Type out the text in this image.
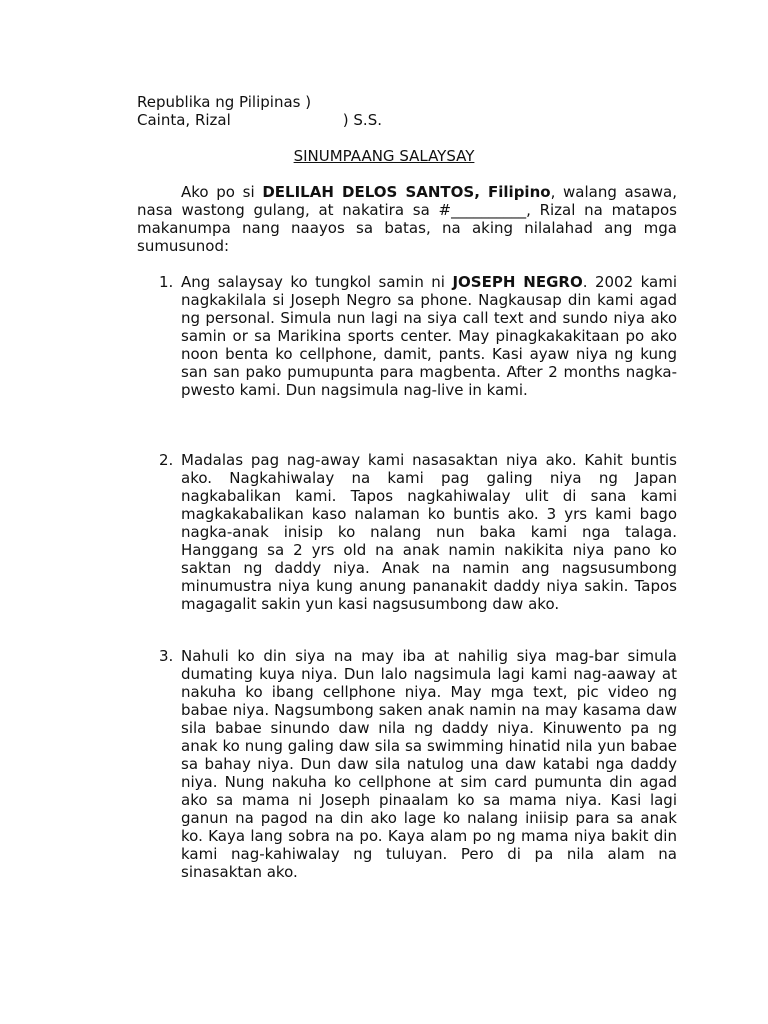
Republika ng Pilipinas )
Cainta, Rizal	) S.S.
SINUMPAANG SALAYSAY

Ako po si DELILAH DELOS SANTOS, Filipino, walang asawa, nasa wastong gulang, at nakatira sa #__________, Rizal na matapos makanumpa nang naayos sa batas, na aking nilalahad ang mga sumusunod:

1. Ang salaysay ko tungkol samin ni JOSEPH NEGRO. 2002 kami nagkakilala si Joseph Negro sa phone. Nagkausap din kami agad ng personal. Simula nun lagi na siya call text and sundo niya ako samin or sa Marikina sports center. May pinagkakakitaan po ako noon benta ko cellphone, damit, pants. Kasi ayaw niya ng kung san san pako pumupunta para magbenta. After 2 months nagka-pwesto kami. Dun nagsimula nag-live in kami.

2. Madalas pag nag-away kami nasasaktan niya ako. Kahit buntis ako. Nagkahiwalay na kami pag galing niya ng Japan nagkabalikan kami. Tapos nagkahiwalay ulit di sana kami magkakabalikan kaso nalaman ko buntis ako. 3 yrs kami bago nagka-anak inisip ko nalang nun baka kami nga talaga. Hanggang sa 2 yrs old na anak namin nakikita niya pano ko saktan ng daddy niya. Anak na namin ang nagsusumbong minumustra niya kung anung pananakit daddy niya sakin. Tapos magagalit sakin yun kasi nagsusumbong daw ako.

3. Nahuli ko din siya na may iba at nahilig siya mag-bar simula dumating kuya niya. Dun lalo nagsimula lagi kami nag-aaway at nakuha ko ibang cellphone niya. May mga text, pic video ng babae niya. Nagsumbong saken anak namin na may kasama daw sila babae sinundo daw nila ng daddy niya. Kinuwento pa ng anak ko nung galing daw sila sa swimming hinatid nila yun babae sa bahay niya. Dun daw sila natulog una daw katabi nga daddy niya. Nung nakuha ko cellphone at sim card pumunta din agad ako sa mama ni Joseph pinaalam ko sa mama niya. Kasi lagi ganun na pagod na din ako lage ko nalang iniisip para sa anak ko. Kaya lang sobra na po. Kaya alam po ng mama niya bakit din kami nag-kahiwalay ng tuluyan. Pero di pa nila alam na sinasaktan ako.
